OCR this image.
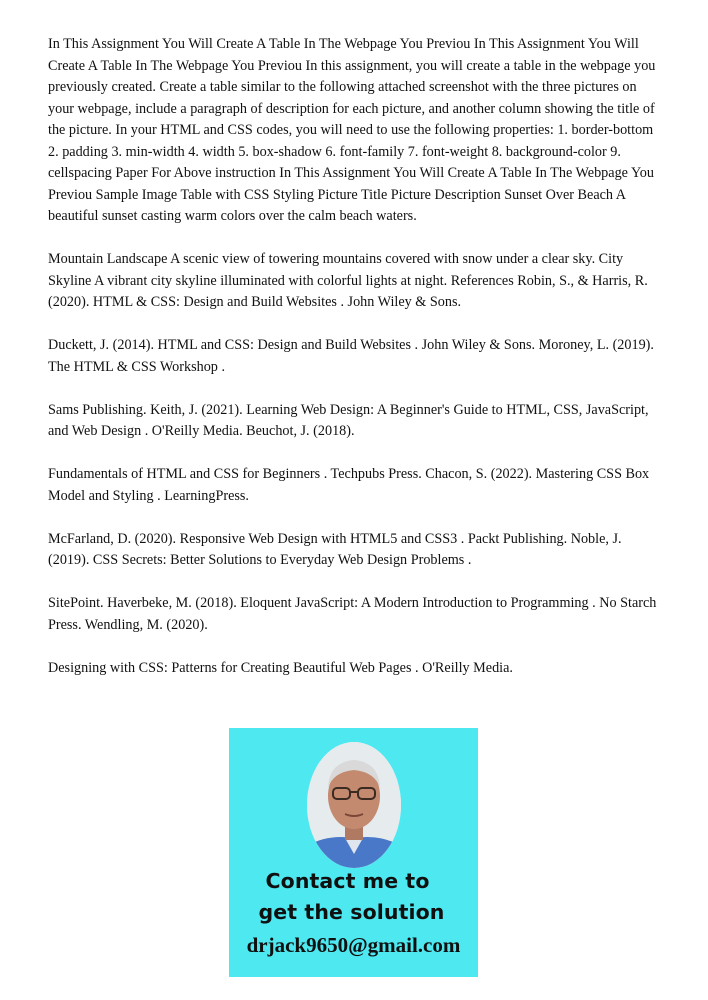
In This Assignment You Will Create A Table In The Webpage You Previou In This Assignment You Will Create A Table In The Webpage You Previou In this assignment, you will create a table in the webpage you previously created. Create a table similar to the following attached screenshot with the three pictures on your webpage, include a paragraph of description for each picture, and another column showing the title of the picture. In your HTML and CSS codes, you will need to use the following properties: 1. border-bottom 2. padding 3. min-width 4. width 5. box-shadow 6. font-family 7. font-weight 8. background-color 9. cellspacing Paper For Above instruction In This Assignment You Will Create A Table In The Webpage You Previou Sample Image Table with CSS Styling Picture Title Picture Description Sunset Over Beach A beautiful sunset casting warm colors over the calm beach waters.

Mountain Landscape A scenic view of towering mountains covered with snow under a clear sky. City Skyline A vibrant city skyline illuminated with colorful lights at night. References Robin, S., & Harris, R. (2020). HTML & CSS: Design and Build Websites . John Wiley & Sons.

Duckett, J. (2014). HTML and CSS: Design and Build Websites . John Wiley & Sons. Moroney, L. (2019). The HTML & CSS Workshop .

Sams Publishing. Keith, J. (2021). Learning Web Design: A Beginner's Guide to HTML, CSS, JavaScript, and Web Design . O'Reilly Media. Beuchot, J. (2018).

Fundamentals of HTML and CSS for Beginners . Techpubs Press. Chacon, S. (2022). Mastering CSS Box Model and Styling . LearningPress.

McFarland, D. (2020). Responsive Web Design with HTML5 and CSS3 . Packt Publishing. Noble, J. (2019). CSS Secrets: Better Solutions to Everyday Web Design Problems .

SitePoint. Haverbeke, M. (2018). Eloquent JavaScript: A Modern Introduction to Programming . No Starch Press. Wendling, M. (2020).

Designing with CSS: Patterns for Creating Beautiful Web Pages . O'Reilly Media.

Contact me to
get the solution
drjack9650@gmail.com
